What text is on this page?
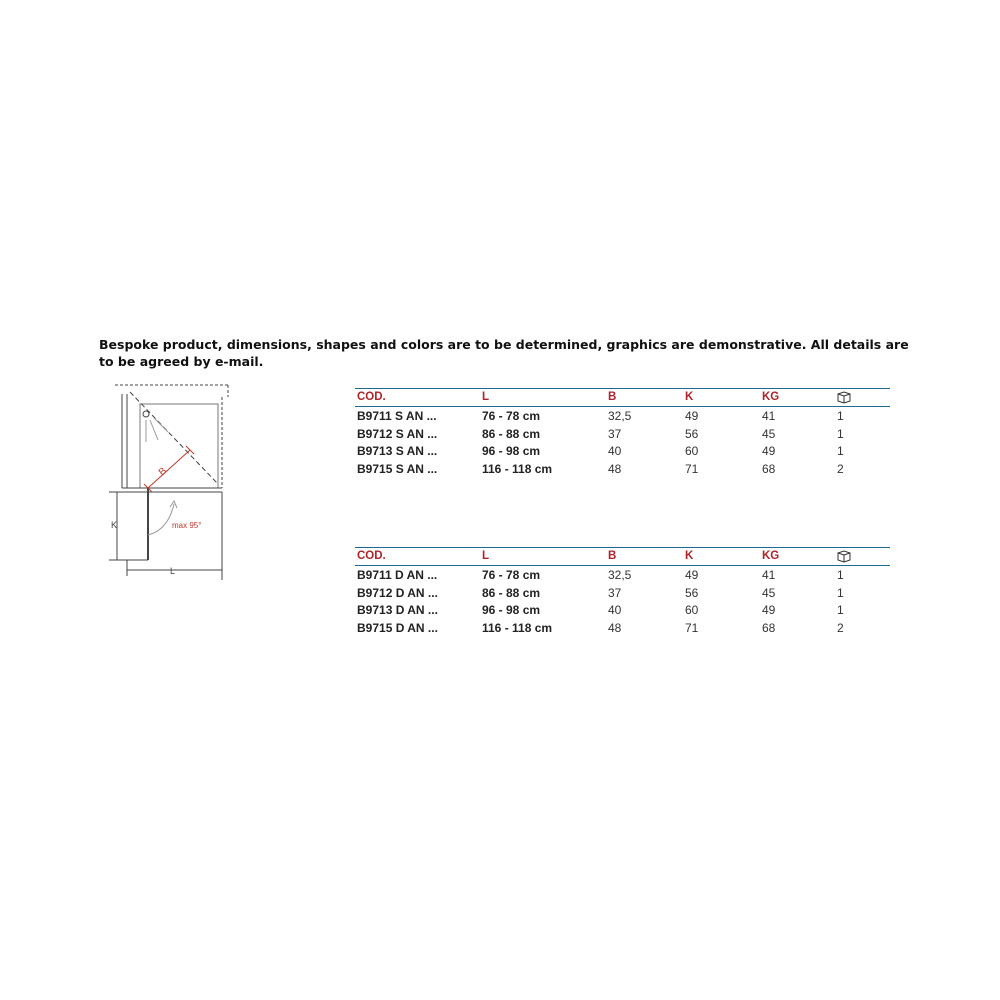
Bespoke product, dimensions, shapes and colors are to be determined, graphics are demonstrative. All details are to be agreed by e-mail.
B
max 95°
K
L
COD.	L	B	K	KG
B9711 S AN ...	76 - 78 cm	32,5	49	41	1
B9712 S AN ...	86 - 88 cm	37	56	45	1
B9713 S AN ...	96 - 98 cm	40	60	49	1
B9715 S AN ...	116 - 118 cm	48	71	68	2
COD.	L	B	K	KG
B9711 D AN ...	76 - 78 cm	32,5	49	41	1
B9712 D AN ...	86 - 88 cm	37	56	45	1
B9713 D AN ...	96 - 98 cm	40	60	49	1
B9715 D AN ...	116 - 118 cm	48	71	68	2
